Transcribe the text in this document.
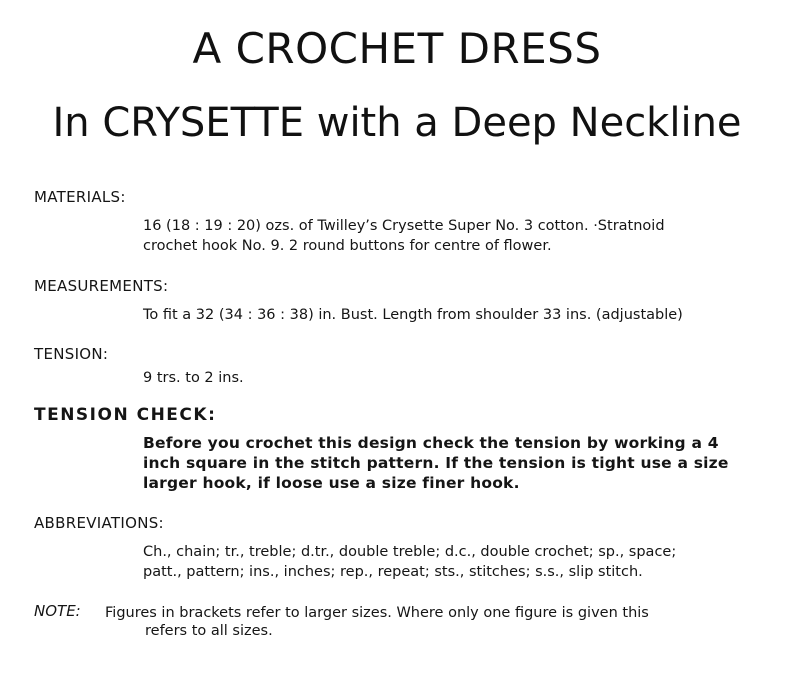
A CROCHET DRESS
In CRYSETTE with a Deep Neckline
MATERIALS:
16 (18 : 19 : 20) ozs. of Twilley’s Crysette Super No. 3 cotton. ·Stratnoid
crochet hook No. 9. 2 round buttons for centre of flower.
MEASUREMENTS:
To fit a 32 (34 : 36 : 38) in. Bust. Length from shoulder 33 ins. (adjustable)
TENSION:
9 trs. to 2 ins.
TENSION CHECK:
Before you crochet this design check the tension by working a 4
inch square in the stitch pattern. If the tension is tight use a size
larger hook, if loose use a size finer hook.
ABBREVIATIONS:
Ch., chain; tr., treble; d.tr., double treble; d.c., double crochet; sp., space;
patt., pattern; ins., inches; rep., repeat; sts., stitches; s.s., slip stitch.
NOTE: Figures in brackets refer to larger sizes. Where only one figure is given this
refers to all sizes.
